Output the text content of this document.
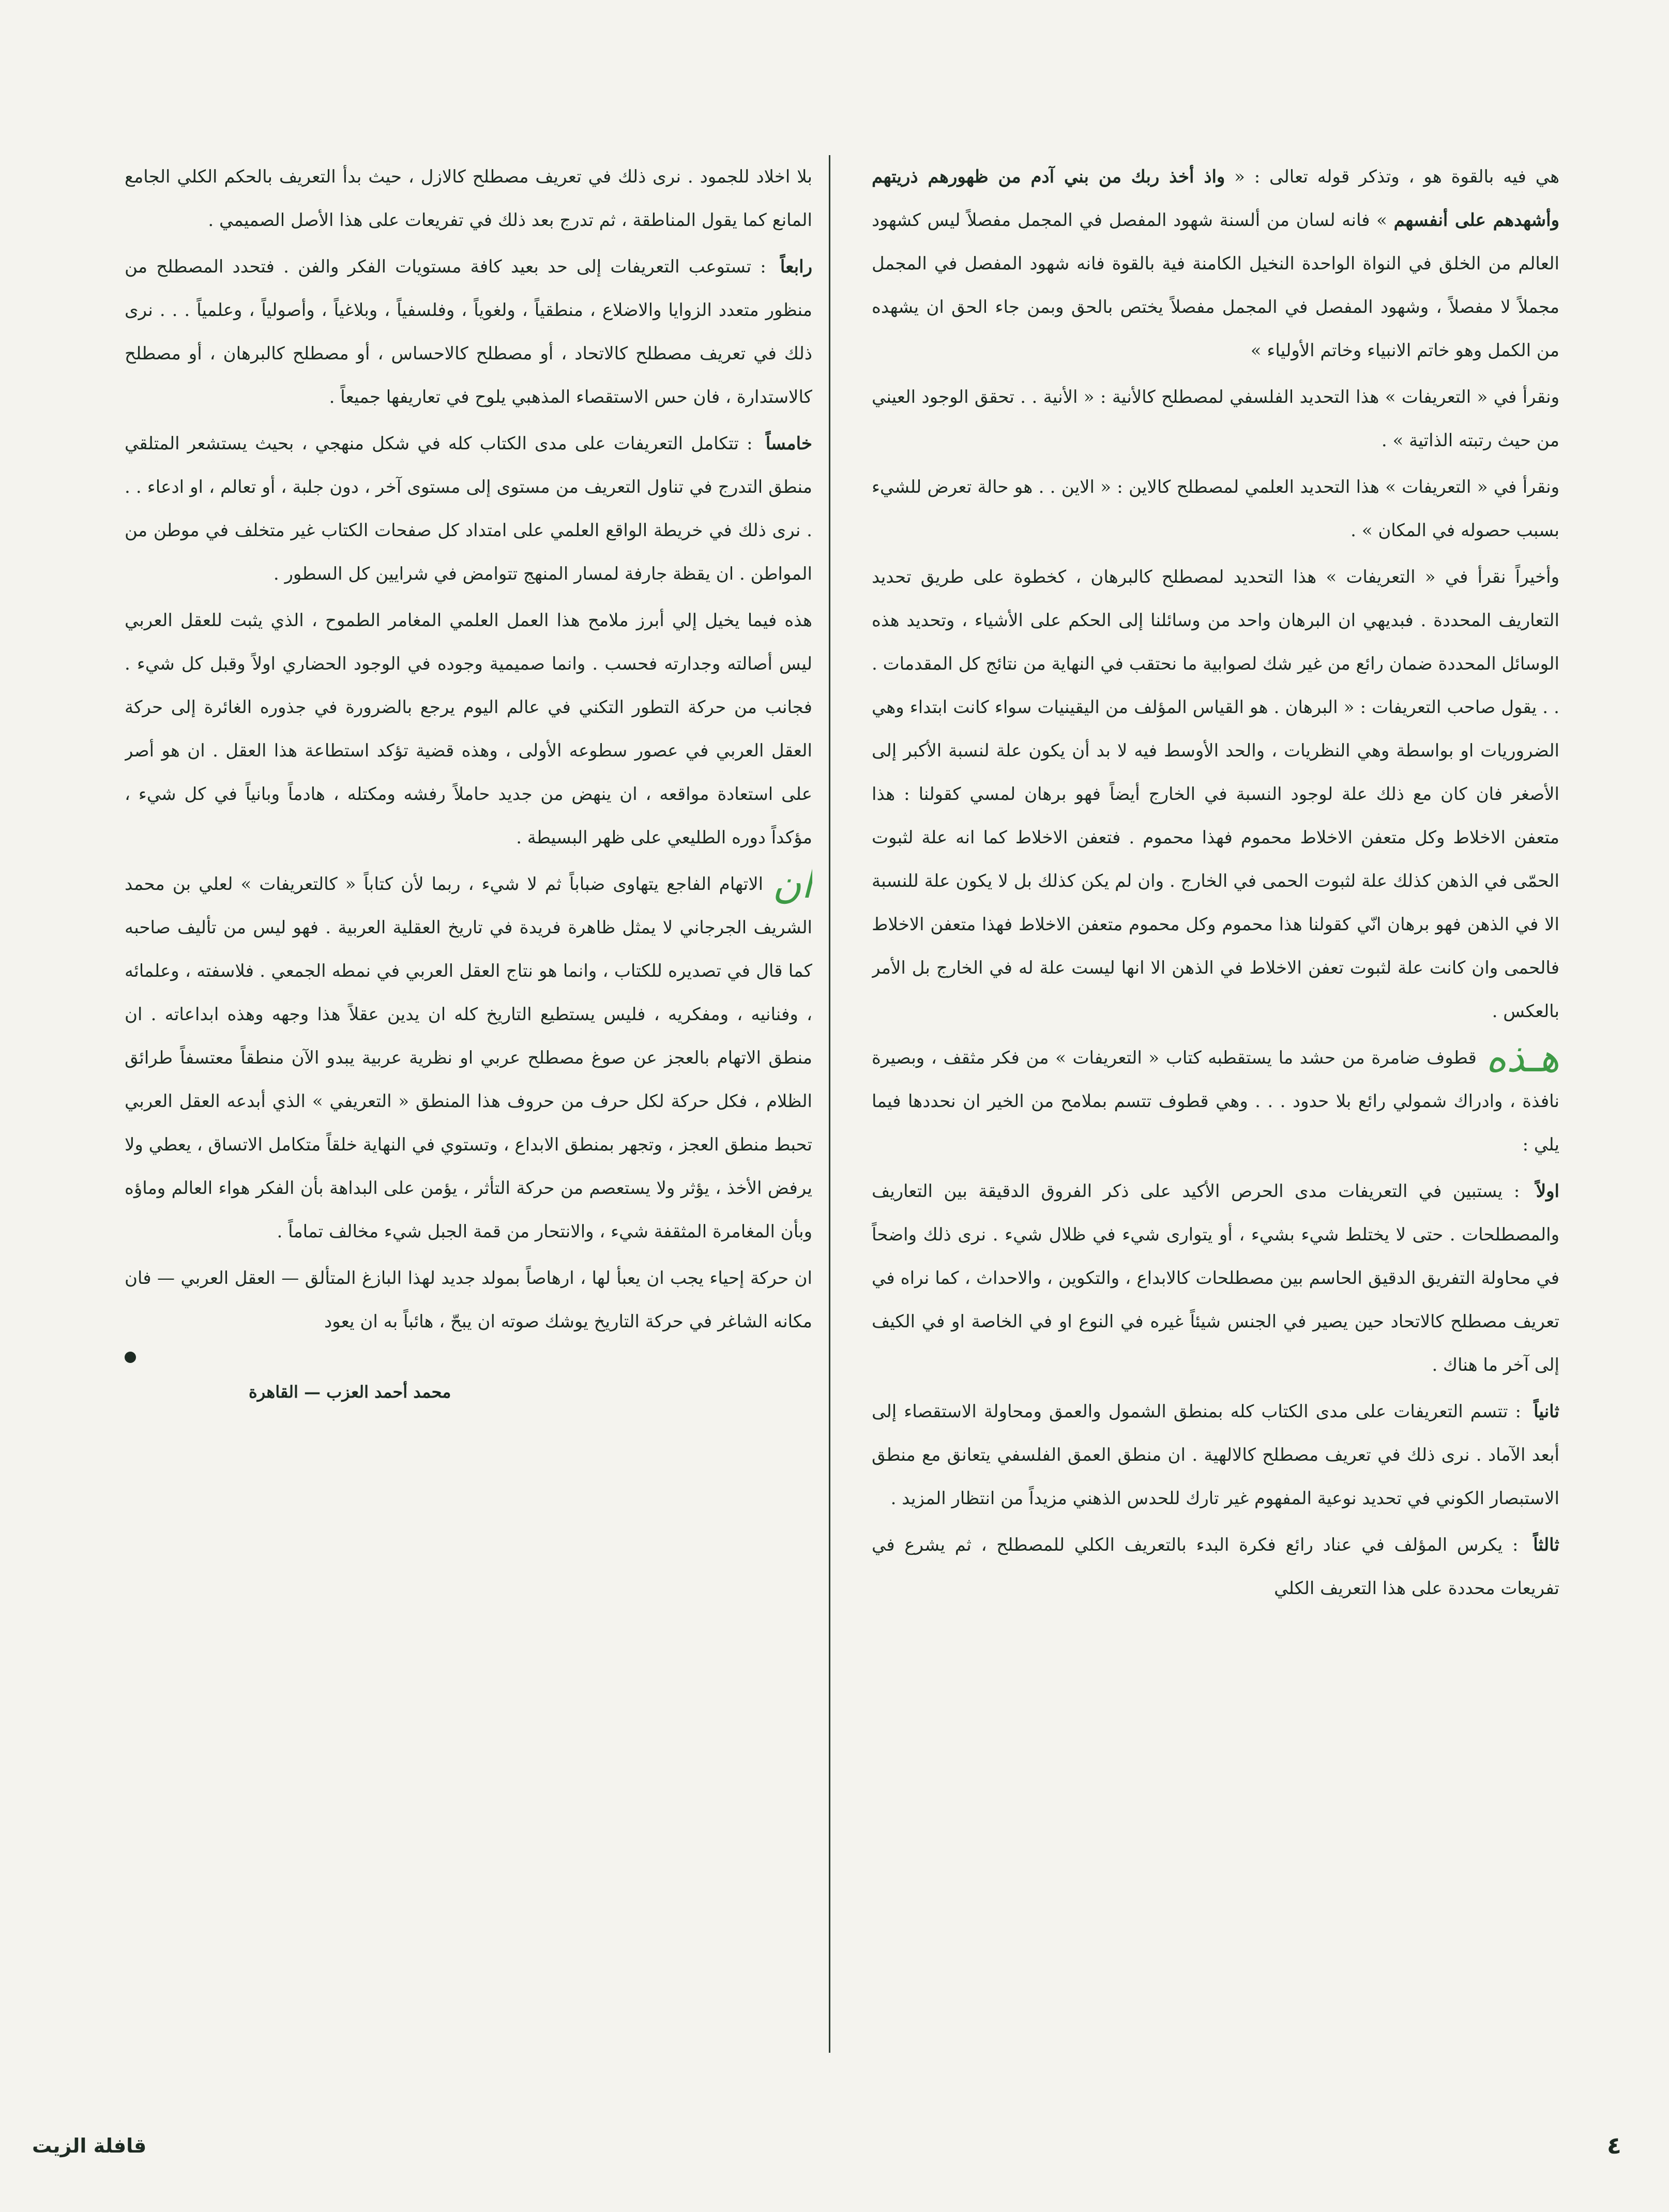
هي فيه بالقوة هو ، وتذكر قوله تعالى : « واذ أخذ ربك من بني آدم من ظهورهم ذريتهم وأشهدهم على أنفسهم » فانه لسان من ألسنة شهود المفصل في المجمل مفصلاً ليس كشهود العالم من الخلق في النواة الواحدة النخيل الكامنة فية بالقوة فانه شهود المفصل في المجمل مجملاً لا مفصلاً ، وشهود المفصل في المجمل مفصلاً يختص بالحق وبمن جاء الحق ان يشهده من الكمل وهو خاتم الانبياء وخاتم الأولياء »

ونقرأ في « التعريفات » هذا التحديد الفلسفي لمصطلح كالأنية : « الأنية . . تحقق الوجود العيني من حيث رتبته الذاتية » .

ونقرأ في « التعريفات » هذا التحديد العلمي لمصطلح كالاين : « الاين . . هو حالة تعرض للشيء بسبب حصوله في المكان » .

وأخيراً نقرأ في « التعريفات » هذا التحديد لمصطلح كالبرهان ، كخطوة على طريق تحديد التعاريف المحددة . فبديهي ان البرهان واحد من وسائلنا إلى الحكم على الأشياء ، وتحديد هذه الوسائل المحددة ضمان رائع من غير شك لصوابية ما نحتقب في النهاية من نتائج كل المقدمات . . . يقول صاحب التعريفات : « البرهان . هو القياس المؤلف من اليقينيات سواء كانت ابتداء وهي الضروريات او بواسطة وهي النظريات ، والحد الأوسط فيه لا بد أن يكون علة لنسبة الأكبر إلى الأصغر فان كان مع ذلك علة لوجود النسبة في الخارج أيضاً فهو برهان لمسي كقولنا : هذا متعفن الاخلاط وكل متعفن الاخلاط محموم فهذا محموم . فتعفن الاخلاط كما انه علة لثبوت الحمّى في الذهن كذلك علة لثبوت الحمى في الخارج . وان لم يكن كذلك بل لا يكون علة للنسبة الا في الذهن فهو برهان انّي كقولنا هذا محموم وكل محموم متعفن الاخلاط فهذا متعفن الاخلاط فالحمى وان كانت علة لثبوت تعفن الاخلاط في الذهن الا انها ليست علة له في الخارج بل الأمر بالعكس .

هـذه
قطوف ضامرة من حشد ما يستقطبه كتاب « التعريفات » من فكر مثقف ، وبصيرة نافذة ، وادراك شمولي رائع بلا حدود . . . وهي قطوف تتسم بملامح من الخير ان نحددها فيما يلي :

اولاً : يستبين في التعريفات مدى الحرص الأكيد على ذكر الفروق الدقيقة بين التعاريف والمصطلحات . حتى لا يختلط شيء بشيء ، أو يتوارى شيء في ظلال شيء . نرى ذلك واضحاً في محاولة التفريق الدقيق الحاسم بين مصطلحات كالابداع ، والتكوين ، والاحداث ، كما نراه في تعريف مصطلح كالاتحاد حين يصير في الجنس شيئاً غيره في النوع او في الخاصة او في الكيف إلى آخر ما هناك .

ثانياً : تتسم التعريفات على مدى الكتاب كله بمنطق الشمول والعمق ومحاولة الاستقصاء إلى أبعد الآماد . نرى ذلك في تعريف مصطلح كالالهية . ان منطق العمق الفلسفي يتعانق مع منطق الاستبصار الكوني في تحديد نوعية المفهوم غير تارك للحدس الذهني مزيداً من انتظار المزيد .

ثالثاً : يكرس المؤلف في عناد رائع فكرة البدء بالتعريف الكلي للمصطلح ، ثم يشرع في تفريعات محددة على هذا التعريف الكلي

بلا اخلاد للجمود . نرى ذلك في تعريف مصطلح كالازل ، حيث بدأ التعريف بالحكم الكلي الجامع المانع كما يقول المناطقة ، ثم تدرج بعد ذلك في تفريعات على هذا الأصل الصميمي .

رابعاً : تستوعب التعريفات إلى حد بعيد كافة مستويات الفكر والفن . فتحدد المصطلح من منظور متعدد الزوايا والاضلاع ، منطقياً ، ولغوياً ، وفلسفياً ، وبلاغياً ، وأصولياً ، وعلمياً . . . نرى ذلك في تعريف مصطلح كالاتحاد ، أو مصطلح كالاحساس ، أو مصطلح كالبرهان ، أو مصطلح كالاستدارة ، فان حس الاستقصاء المذهبي يلوح في تعاريفها جميعاً .

خامساً : تتكامل التعريفات على مدى الكتاب كله في شكل منهجي ، بحيث يستشعر المتلقي منطق التدرج في تناول التعريف من مستوى إلى مستوى آخر ، دون جلبة ، أو تعالم ، او ادعاء . . . نرى ذلك في خريطة الواقع العلمي على امتداد كل صفحات الكتاب غير متخلف في موطن من المواطن . ان يقظة جارفة لمسار المنهج تتوامض في شرايين كل السطور .

هذه فيما يخيل إلي أبرز ملامح هذا العمل العلمي المغامر الطموح ، الذي يثبت للعقل العربي ليس أصالته وجدارته فحسب . وانما صميمية وجوده في الوجود الحضاري اولاً وقبل كل شيء . فجانب من حركة التطور التكني في عالم اليوم يرجع بالضرورة في جذوره الغائرة إلى حركة العقل العربي في عصور سطوعه الأولى ، وهذه قضية تؤكد استطاعة هذا العقل . ان هو أصر على استعادة مواقعه ، ان ينهض من جديد حاملاً رفشه ومكتله ، هادماً وبانياً في كل شيء ، مؤكداً دوره الطليعي على ظهر البسيطة .

ان
الاتهام الفاجع يتهاوى ضباباً ثم لا شيء ، ربما لأن كتاباً « كالتعريفات » لعلي بن محمد الشريف الجرجاني لا يمثل ظاهرة فريدة في تاريخ العقلية العربية . فهو ليس من تأليف صاحبه كما قال في تصديره للكتاب ، وانما هو نتاج العقل العربي في نمطه الجمعي . فلاسفته ، وعلمائه ، وفنانيه ، ومفكريه ، فليس يستطيع التاريخ كله ان يدين عقلاً هذا وجهه وهذه ابداعاته . ان منطق الاتهام بالعجز عن صوغ مصطلح عربي او نظرية عربية يبدو الآن منطقاً معتسفاً طرائق الظلام ، فكل حركة لكل حرف من حروف هذا المنطق « التعريفي » الذي أبدعه العقل العربي تحبط منطق العجز ، وتجهر بمنطق الابداع ، وتستوي في النهاية خلقاً متكامل الاتساق ، يعطي ولا يرفض الأخذ ، يؤثر ولا يستعصم من حركة التأثر ، يؤمن على البداهة بأن الفكر هواء العالم وماؤه وبأن المغامرة المثقفة شيء ، والانتحار من قمة الجبل شيء مخالف تماماً .

ان حركة إحياء يجب ان يعبأ لها ، ارهاصاً بمولد جديد لهذا البازغ المتألق — العقل العربي — فان مكانه الشاغر في حركة التاريخ يوشك صوته ان يبحّ ، هائباً به ان يعود

محمد أحمد العزب — القاهرة

قافلة الزيت	٤
